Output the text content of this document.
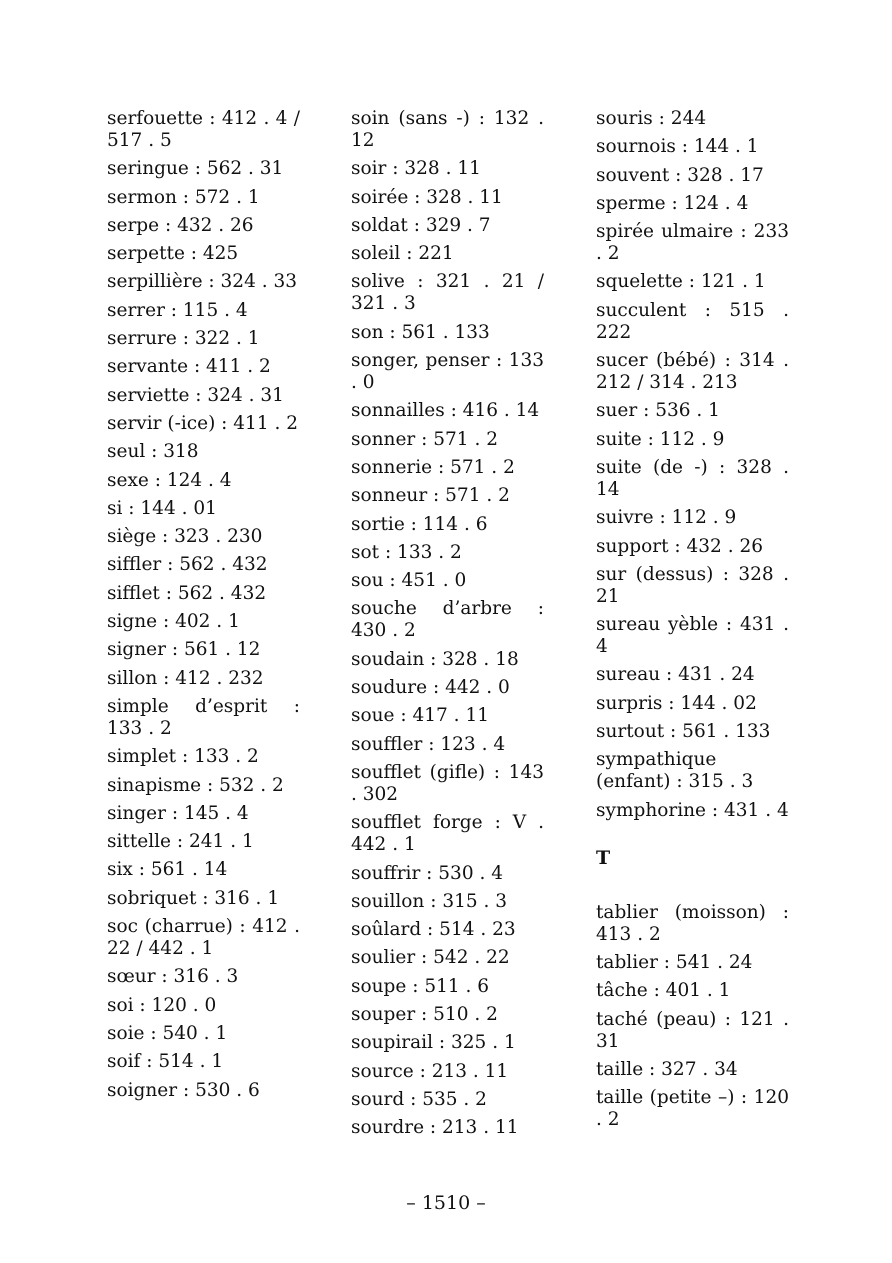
serfouette : 412 . 4 / 517 . 5
seringue : 562 . 31
sermon : 572 . 1
serpe : 432 . 26
serpette : 425
serpillière : 324 . 33
serrer : 115 . 4
serrure : 322 . 1
servante : 411 . 2
serviette : 324 . 31
servir (-ice) : 411 . 2
seul : 318
sexe : 124 . 4
si : 144 . 01
siège : 323 . 230
siffler : 562 . 432
sifflet : 562 . 432
signe : 402 . 1
signer : 561 . 12
sillon : 412 . 232
simple d’esprit : 133 . 2
simplet : 133 . 2
sinapisme : 532 . 2
singer : 145 . 4
sittelle : 241 . 1
six : 561 . 14
sobriquet : 316 . 1
soc (charrue) : 412 . 22 / 442 . 1
sœur : 316 . 3
soi : 120 . 0
soie : 540 . 1
soif : 514 . 1
soigner : 530 . 6
soin (sans -) : 132 . 12
soir : 328 . 11
soirée : 328 . 11
soldat : 329 . 7
soleil : 221
solive : 321 . 21 / 321 . 3
son : 561 . 133
songer, penser : 133 . 0
sonnailles : 416 . 14
sonner : 571 . 2
sonnerie : 571 . 2
sonneur : 571 . 2
sortie : 114 . 6
sot : 133 . 2
sou : 451 . 0
souche d’arbre : 430 . 2
soudain : 328 . 18
soudure : 442 . 0
soue : 417 . 11
souffler : 123 . 4
soufflet (gifle) : 143 . 302
soufflet forge : V . 442 . 1
souffrir : 530 . 4
souillon : 315 . 3
soûlard : 514 . 23
soulier : 542 . 22
soupe : 511 . 6
souper : 510 . 2
soupirail : 325 . 1
source : 213 . 11
sourd : 535 . 2
sourdre : 213 . 11
souris : 244
sournois : 144 . 1
souvent : 328 . 17
sperme : 124 . 4
spirée ulmaire : 233 . 2
squelette : 121 . 1
succulent : 515 . 222
sucer (bébé) : 314 . 212 / 314 . 213
suer : 536 . 1
suite : 112 . 9
suite (de -) : 328 . 14
suivre : 112 . 9
support : 432 . 26
sur (dessus) : 328 . 21
sureau yèble : 431 . 4
sureau : 431 . 24
surpris : 144 . 02
surtout : 561 . 133
sympathique (enfant) : 315 . 3
symphorine : 431 . 4
T
tablier (moisson) : 413 . 2
tablier : 541 . 24
tâche : 401 . 1
taché (peau) : 121 . 31
taille : 327 . 34
taille (petite –) : 120 . 2
– 1510 –
